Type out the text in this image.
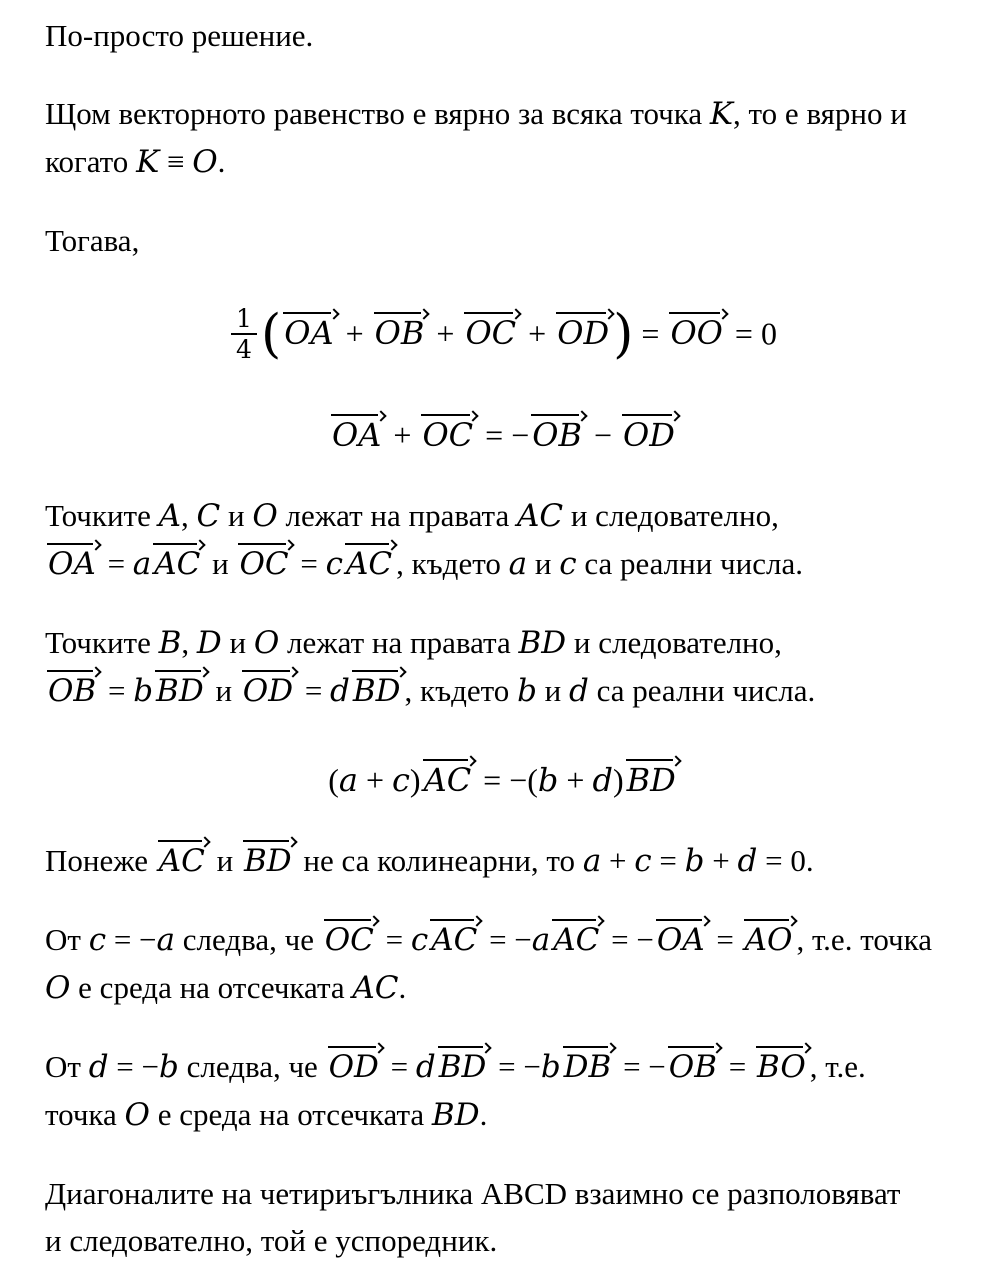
По-просто решение.

Щом векторното равенство е вярно за всяка точка K, то е вярно и
когато K ≡ O.

Тогава,

$\frac{1}{4} (OA$ + OB + OC + OD) = OO = 0
OA + OC = −OB − OD

Точките A, C и O лежат на правата AC и следователно,
OA = aAC и OC = cAC , където a и c са реални числа.

Точките B, D и O лежат на правата BD и следователно,
OB = bBD и OD = dBD , където b и d са реални числа.

(a + c)AC = −(b + d)BD

Понеже AC и BD не са колинеарни, то a + c = b + d = 0.

От c = −a следва, че OC = cAC = −aAC = −OA = AO , т.е. точка
O е среда на отсечката AC.

От d = −b следва, че OD = dBD = −bDB = −OB = BO , т.е.
точка O е среда на отсечката BD.

Диагоналите на четириъгълника ABCD взаимно се разполовяват
и следователно, той е успоредник.
